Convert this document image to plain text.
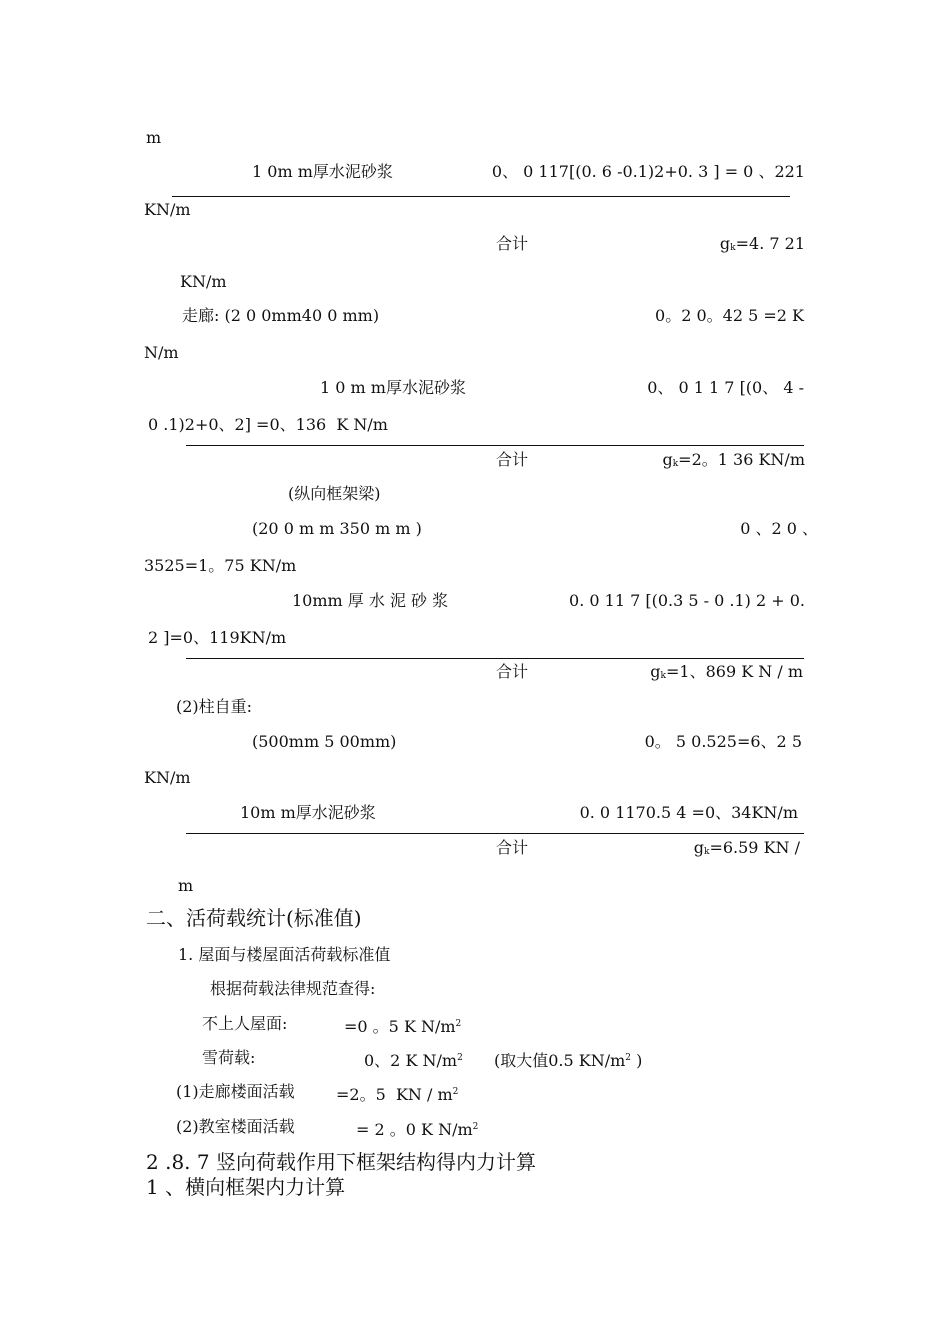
m
1 0m m厚水泥砂浆	0、 0 117[(0. 6 -0.1)2+0. 3 ] = 0 、221
KN/m
合计	$g_k=4$. 7 21
KN/m
走廊: (2 0 0mm40 0 mm)	0。2 0。42 5 =2 K
N/m
1 0 m m厚水泥砂浆	0、 0 1 1 7 [(0、 4 -
0 .1)2+0、2] =0、136  K N/m
合计	$g_k=2$。1 36 KN/m
(纵向框架梁)
(20 0 m m 350 m m )	0 、2 0 、
3525=1。75 KN/m
10mm 厚 水 泥 砂 浆	0. 0 11 7 [(0.3 5 - 0 .1) 2 + 0.
2 ]=0、119KN/m
合计	$g_k=1$、869 K N / m
(2)柱自重:
(500mm 5 00mm)	0。 5 0.525=6、2 5
KN/m
10m m厚水泥砂浆	0. 0 1170.5 4 =0、34KN/m
合计	$g_k=6.59$ KN /
m
二、活荷载统计(标准值)
1. 屋面与楼屋面活荷载标准值
根据荷载法律规范查得:
不上人屋面:	=0 。5 K $N/m^2$
雪荷载:	0、2 K $N/m^2$ (取大值0.5 $KN/m^2$ )
(1)走廊楼面活载	=2。5  KN / $m^2$
(2)教室楼面活载	= 2 。0 K $N/m^2$
2 .8. 7 竖向荷载作用下框架结构得内力计算
1 、横向框架内力计算
